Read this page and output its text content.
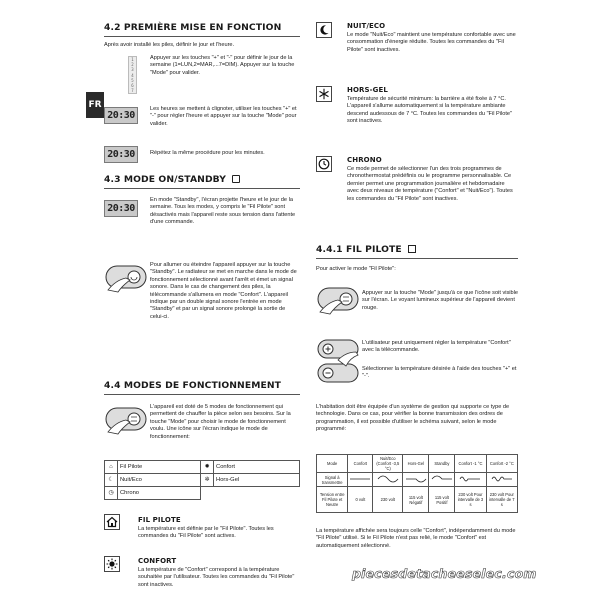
FR
4.2 PREMIÈRE MISE EN FONCTION
Après avoir installé les piles, définir le jour et l'heure.
1 2 3 4 5 6 7
Appuyer sur les touches "+" et "-" pour définir le jour de la semaine (1=LUN,2=MAR,...7=DIM). Appuyer sur la touche "Mode" pour valider.
20:30
Les heures se mettent à clignoter, utiliser les touches "+" et "-" pour régler l'heure et appuyer sur la touche "Mode" pour valider.
20:30	Répétez la même procédure pour les minutes.
4.3 MODE ON/STANDBY
20:30
En mode "Standby", l'écran projette l'heure et le jour de la semaine. Tous les modes, y compris le "Fil Pilote" sont désactivés mais l'appareil reste sous tension dans l'attente d'une commande.
Pour allumer ou éteindre l'appareil appuyer sur la touche "Standby". Le radiateur se met en marche dans le mode de fonctionnement sélectionné avant l'arrêt et émet un signal sonore. Dans le cas de changement des piles, la télécommande s'allumera en mode "Confort". L'appareil indique par un double signal sonore l'entrée en mode "Standby" et par un signal sonore prolongé la sortie de celui-ci.
4.4 MODES DE FONCTIONNEMENT
L'appareil est doté de 5 modes de fonctionnement qui permettent de chauffer la pièce selon ses besoins. Sur la touche "Mode" pour choisir le mode de fonctionnement voulu. Une icône sur l'écran indique le mode de fonctionnement:
⌂	Fil Pilote	✹	Confort
☾	Nuit/Eco	✲	Hors-Gel
◷	Chrono		
FIL PILOTE
La température est définie par le "Fil Pilote". Toutes les commandes du "Fil Pilote" sont actives.
CONFORT
La température de "Confort" correspond à la température souhaitée par l'utilisateur. Toutes les commandes du "Fil Pilote" sont inactives.
NUIT/ECO
Le mode "Nuit/Eco" maintient une température confortable avec une consommation d'énergie réduite. Toutes les commandes du "Fil Pilote" sont inactives.
HORS-GEL
Température de sécurité minimum: la barrière a été fixée à 7 °C. L'appareil s'allume automatiquement si la température ambiante descend audessous de 7 °C. Toutes les commandes du "Fil Pilote" sont inactives.
CHRONO
Ce mode permet de sélectionner l'un des trois programmes de chronothermostat prédéfinis ou le programme personnalisable. Ce dernier permet une programmation journalière et hebdomadaire avec deux niveaux de température ("Confort" et "Nuit/Eco"). Toutes les commandes du "Fil Pilote" sont inactives.
4.4.1 FIL PILOTE
Pour activer le mode "Fil Pilote":
Appuyer sur la touche "Mode" jusqu'à ce que l'icône soit visible sur l'écran. Le voyant lumineux supérieur de l'appareil devient rouge.
L'utilisateur peut uniquement régler la température "Confort" avec la télécommande.
Sélectionner la température désirée à l'aide des touches "+" et "-".
L'habitation doit être équipée d'un système de gestion qui supporte ce type de technologie. Dans ce cas, pour vérifier la bonne transmission des ordres de programmation, il est possible d'utiliser le schéma suivant, selon le mode programmé:
Mode	Confort	Nuit/Eco (Confort -3,5 °C)	Hors-Gel	Standby	Confort -1 °C	Confort -2 °C
Signal à transmettre						
Tension entre Fil Pilote et Neutre	0 volt	230 volt	115 volt Négatif	115 volt Positif	230 volt Pour intervalle de 3 s	230 volt Pour intervalle de 7 s
La température affichée sera toujours celle "Confort", indépendamment du mode "Fil Pilote" utilisé. Si le Fil Pilote n'est pas relié, le mode "Confort" est automatiquement sélectionné.
piecesdetacheeselec.com
